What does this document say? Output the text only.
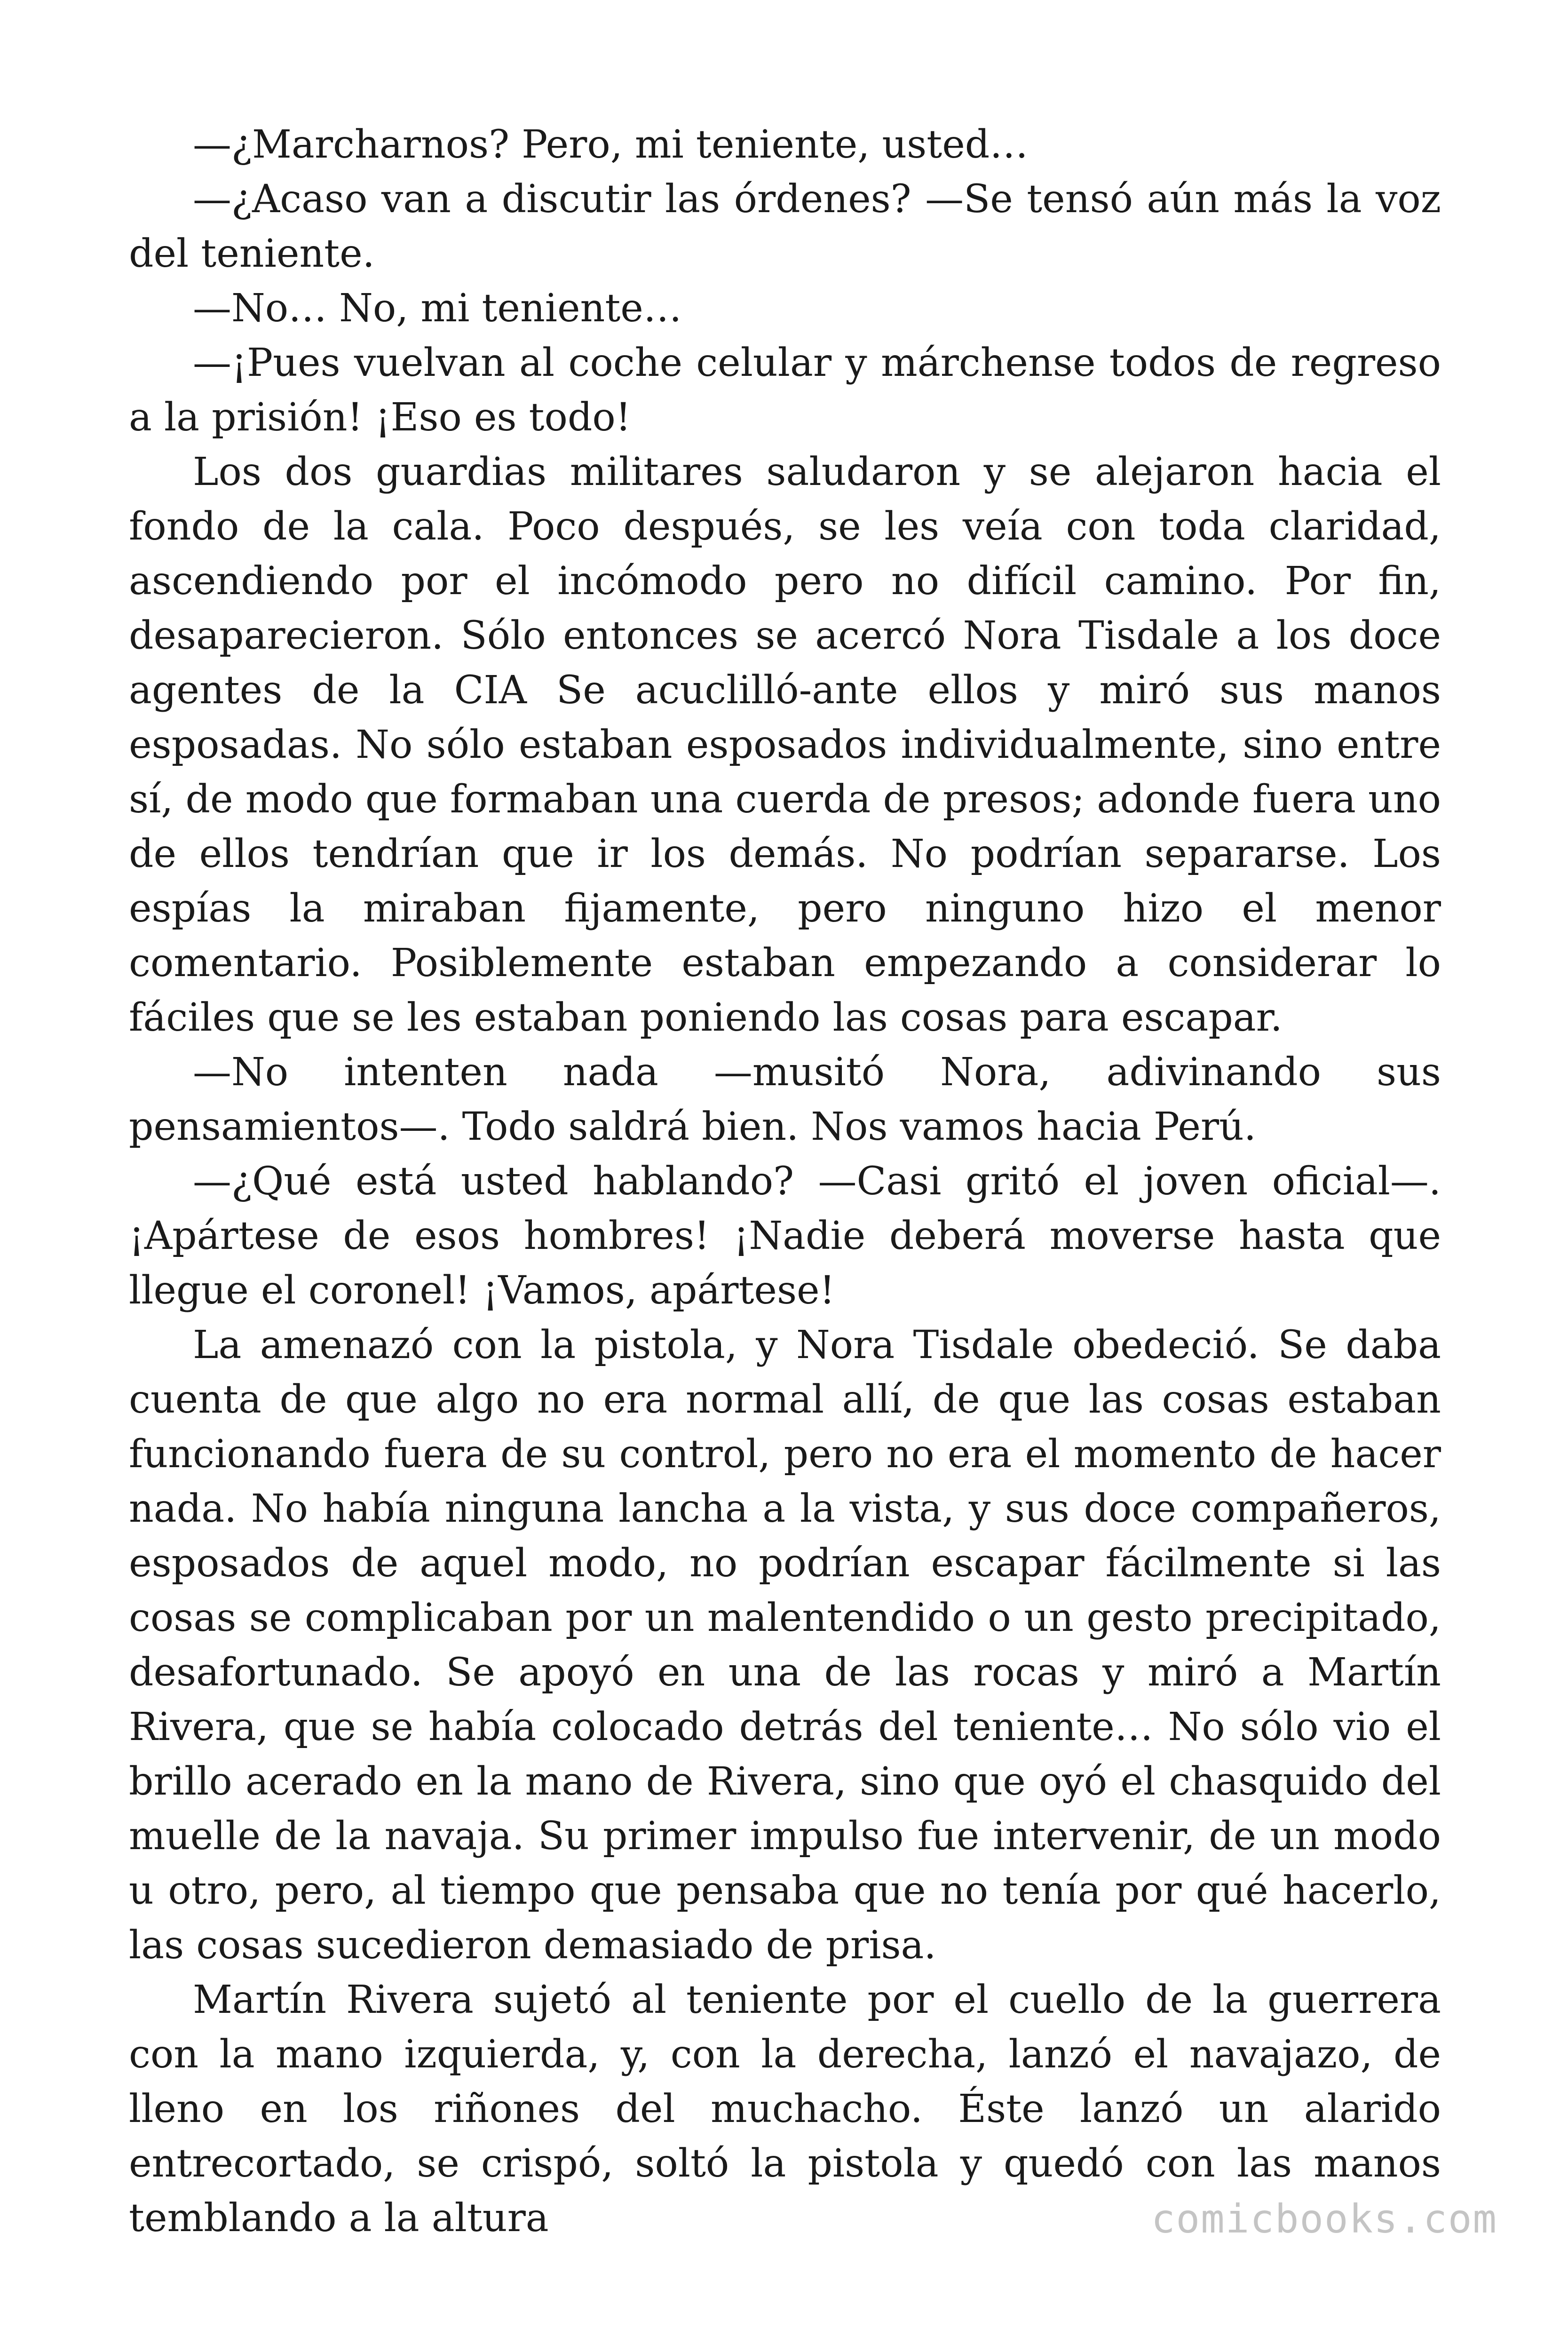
—¿Marcharnos? Pero, mi teniente, usted…

—¿Acaso van a discutir las órdenes? —Se tensó aún más la voz del teniente.

—No… No, mi teniente…

—¡Pues vuelvan al coche celular y márchense todos de regreso a la prisión! ¡Eso es todo!

Los dos guardias militares saludaron y se alejaron hacia el fondo de la cala. Poco después, se les veía con toda claridad, ascendiendo por el incómodo pero no difícil camino. Por fin, desaparecieron. Sólo entonces se acercó Nora Tisdale a los doce agentes de la CIA Se acuclilló-ante ellos y miró sus manos esposadas. No sólo estaban esposados individualmente, sino entre sí, de modo que formaban una cuerda de presos; adonde fuera uno de ellos tendrían que ir los demás. No podrían separarse. Los espías la miraban fijamente, pero ninguno hizo el menor comentario. Posiblemente estaban empezando a considerar lo fáciles que se les estaban poniendo las cosas para escapar.

—No intenten nada —musitó Nora, adivinando sus pensamientos—. Todo saldrá bien. Nos vamos hacia Perú.

—¿Qué está usted hablando? —Casi gritó el joven oficial—. ¡Apártese de esos hombres! ¡Nadie deberá moverse hasta que llegue el coronel! ¡Vamos, apártese!

La amenazó con la pistola, y Nora Tisdale obedeció. Se daba cuenta de que algo no era normal allí, de que las cosas estaban funcionando fuera de su control, pero no era el momento de hacer nada. No había ninguna lancha a la vista, y sus doce compañeros, esposados de aquel modo, no podrían escapar fácilmente si las cosas se complicaban por un malentendido o un gesto precipitado, desafortunado. Se apoyó en una de las rocas y miró a Martín Rivera, que se había colocado detrás del teniente… No sólo vio el brillo acerado en la mano de Rivera, sino que oyó el chasquido del muelle de la navaja. Su primer impulso fue intervenir, de un modo u otro, pero, al tiempo que pensaba que no tenía por qué hacerlo, las cosas sucedieron demasiado de prisa.

Martín Rivera sujetó al teniente por el cuello de la guerrera con la mano izquierda, y, con la derecha, lanzó el navajazo, de lleno en los riñones del muchacho. Éste lanzó un alarido entrecortado, se crispó, soltó la pistola y quedó con las manos temblando a la altura	comicbooks.com
